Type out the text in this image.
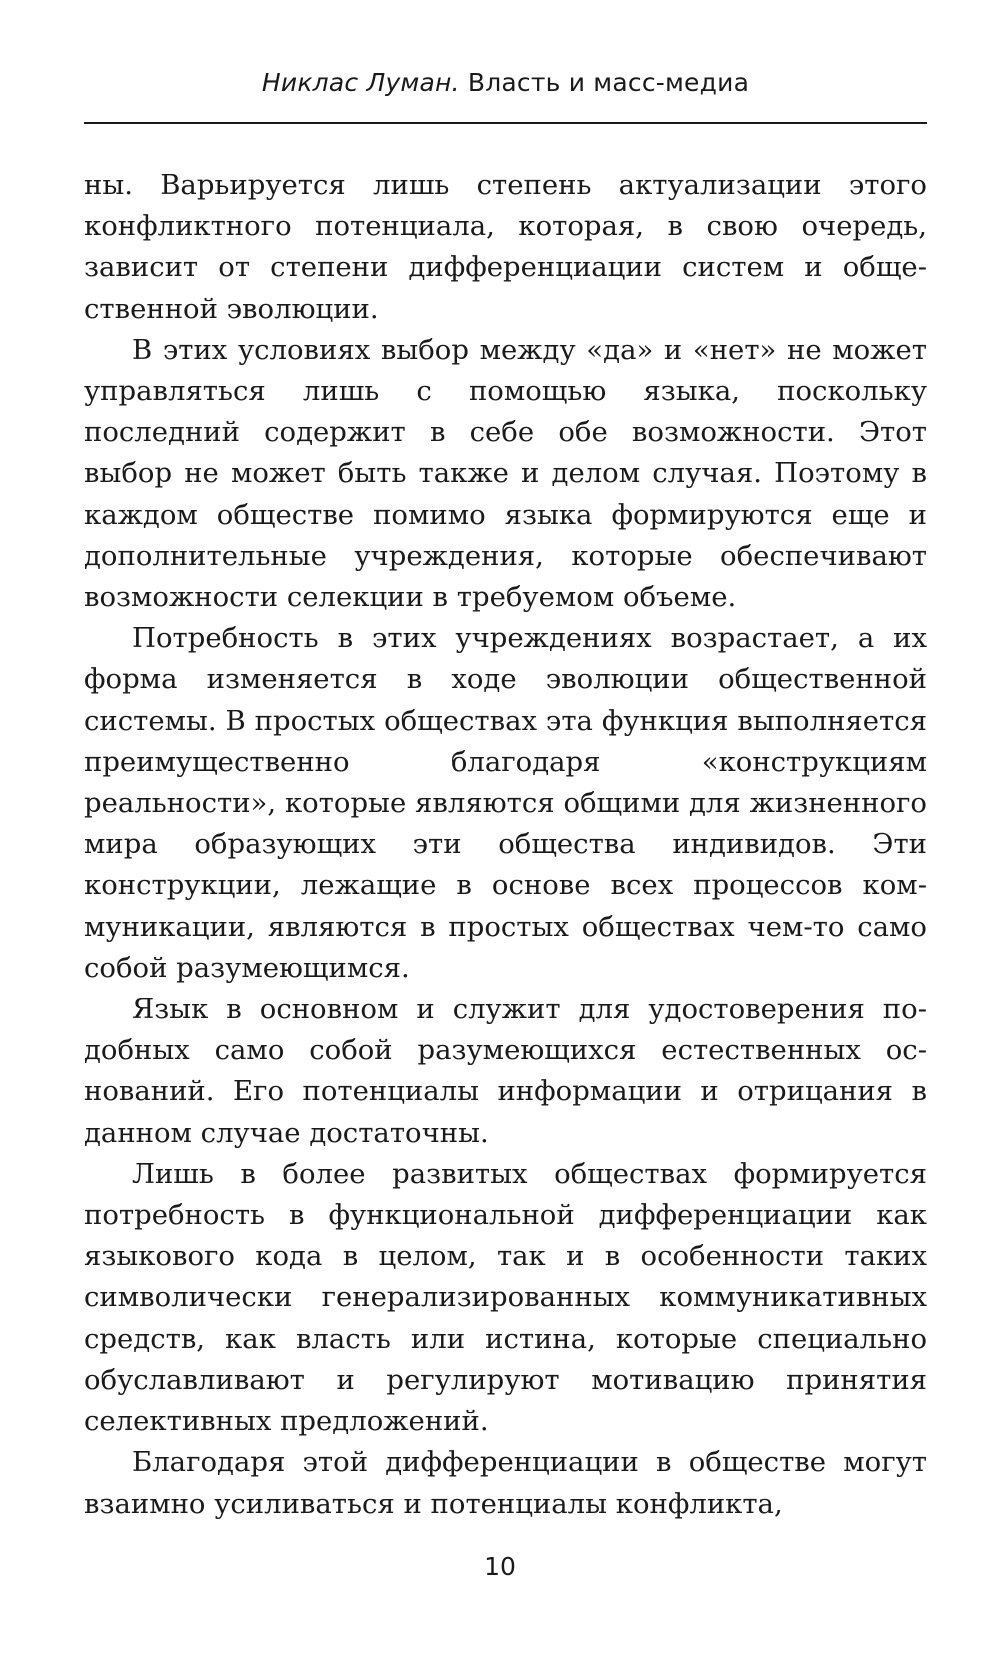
Никлас Луман. Власть и масс-медиа

ны. Варьируется лишь степень актуализации этого конфликтного потенциала, которая, в свою очередь, зависит от степени дифференциации систем и общественной эволюции.

В этих условиях выбор между «да» и «нет» не может управляться лишь с помощью языка, поскольку последний содержит в себе обе возможности. Этот выбор не может быть также и делом случая. Поэтому в каждом обществе помимо языка формируются еще и дополнительные учреждения, которые обеспечивают возможности селекции в требуемом объеме.

Потребность в этих учреждениях возрастает, а их форма изменяется в ходе эволюции общественной системы. В простых обществах эта функция выполняется преимущественно благодаря «конструкциям реальности», которые являются общими для жизненного мира образующих эти общества индивидов. Эти конструкции, лежащие в основе всех процессов коммуникации, являются в простых обществах чем-то само собой разумеющимся.

Язык в основном и служит для удостоверения подобных само собой разумеющихся естественных оснований. Его потенциалы информации и отрицания в данном случае достаточны.

Лишь в более развитых обществах формируется потребность в функциональной дифференциации как языкового кода в целом, так и в особенности таких символически генерализированных коммуникативных средств, как власть или истина, которые специально обуславливают и регулируют мотивацию принятия селективных предложений.

Благодаря этой дифференциации в обществе могут взаимно усиливаться и потенциалы конфликта,

10
